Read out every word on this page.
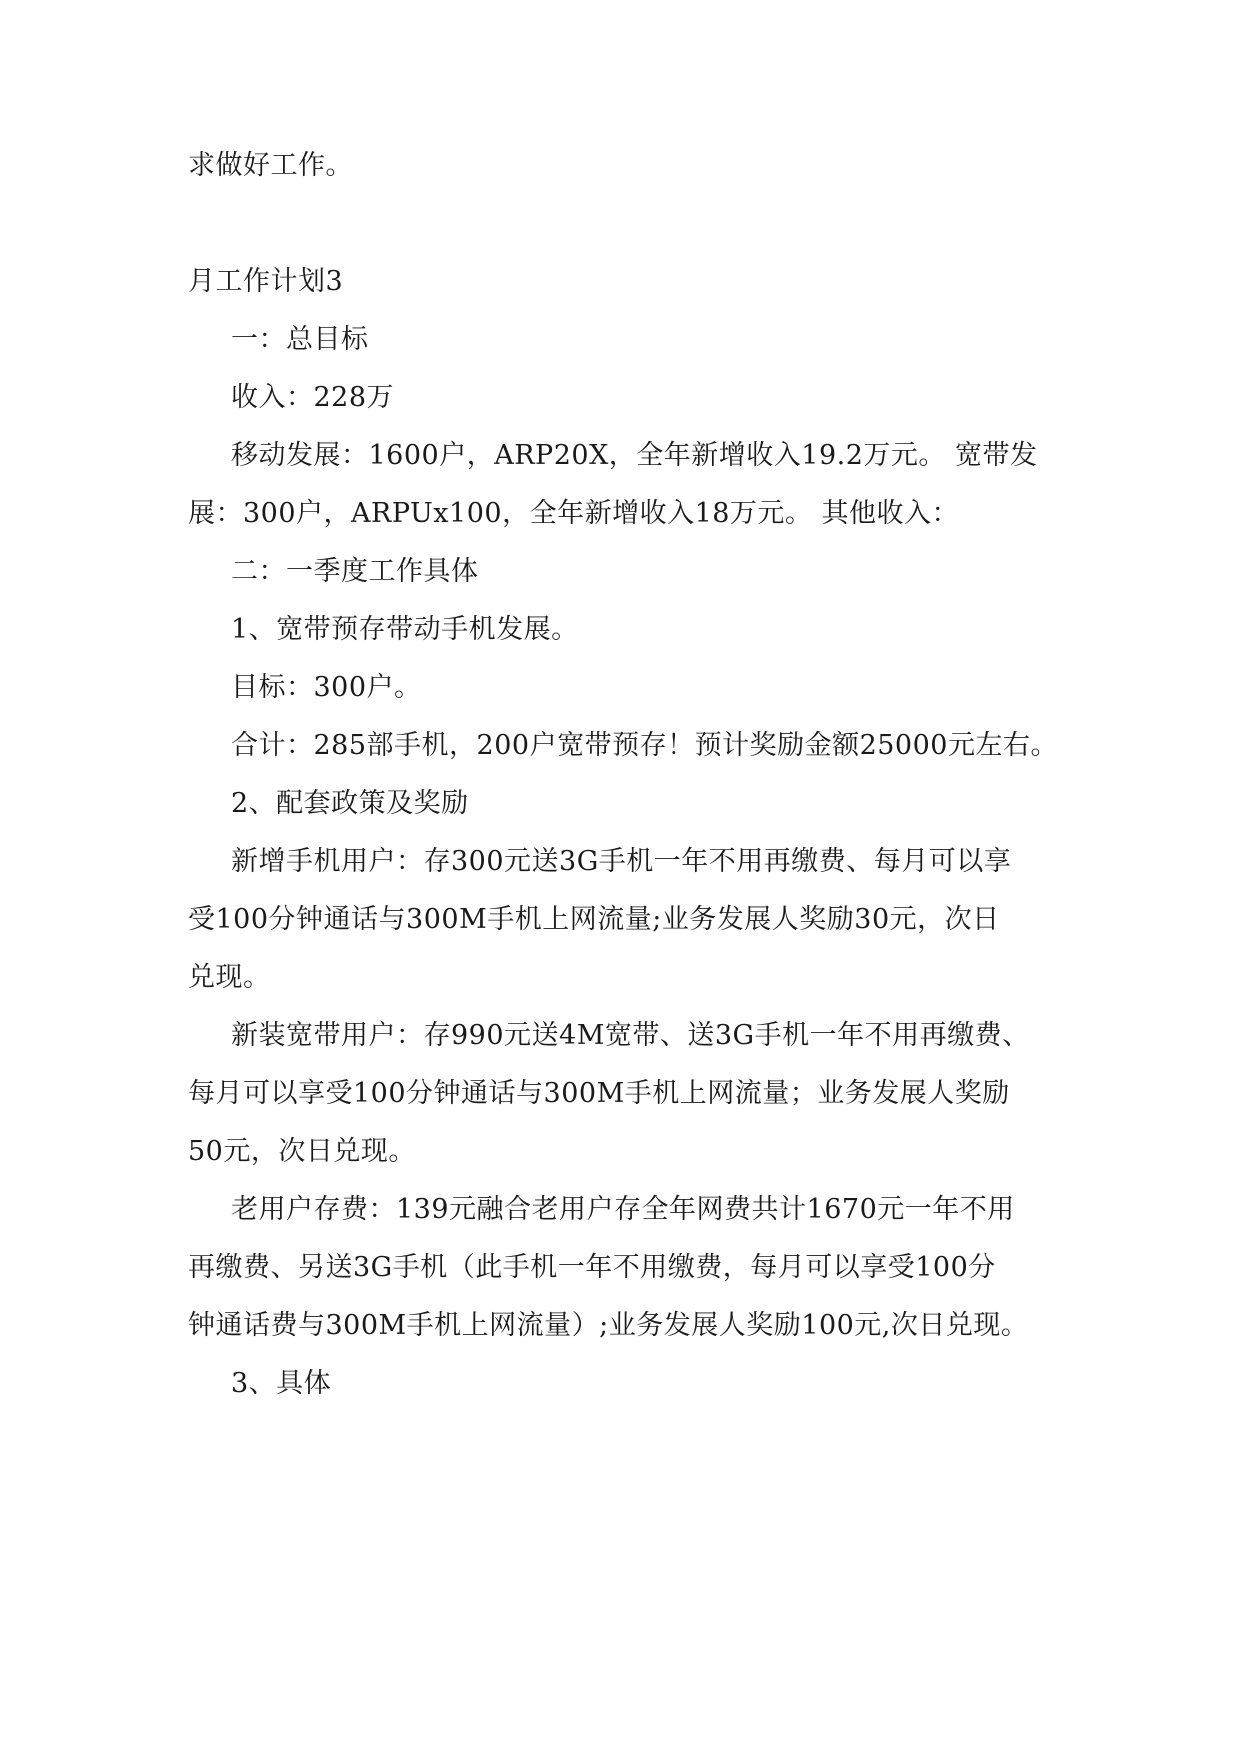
求做好工作。
月工作计划3
一：总目标
收入：228万
移动发展：1600户，ARP20X，全年新增收入19.2万元。 宽带发
展：300户，ARPUx100，全年新增收入18万元。 其他收入：
二：一季度工作具体
1、宽带预存带动手机发展。
目标：300户。
合计：285部手机，200户宽带预存！预计奖励金额25000元左右。
2、配套政策及奖励
新增手机用户：存300元送3G手机一年不用再缴费、每月可以享
受100分钟通话与300M手机上网流量;业务发展人奖励30元，次日
兑现。
新装宽带用户：存990元送4M宽带、送3G手机一年不用再缴费、
每月可以享受100分钟通话与300M手机上网流量；业务发展人奖励
50元，次日兑现。
老用户存费：139元融合老用户存全年网费共计1670元一年不用
再缴费、另送3G手机（此手机一年不用缴费，每月可以享受100分
钟通话费与300M手机上网流量）;业务发展人奖励100元,次日兑现。
3、具体
